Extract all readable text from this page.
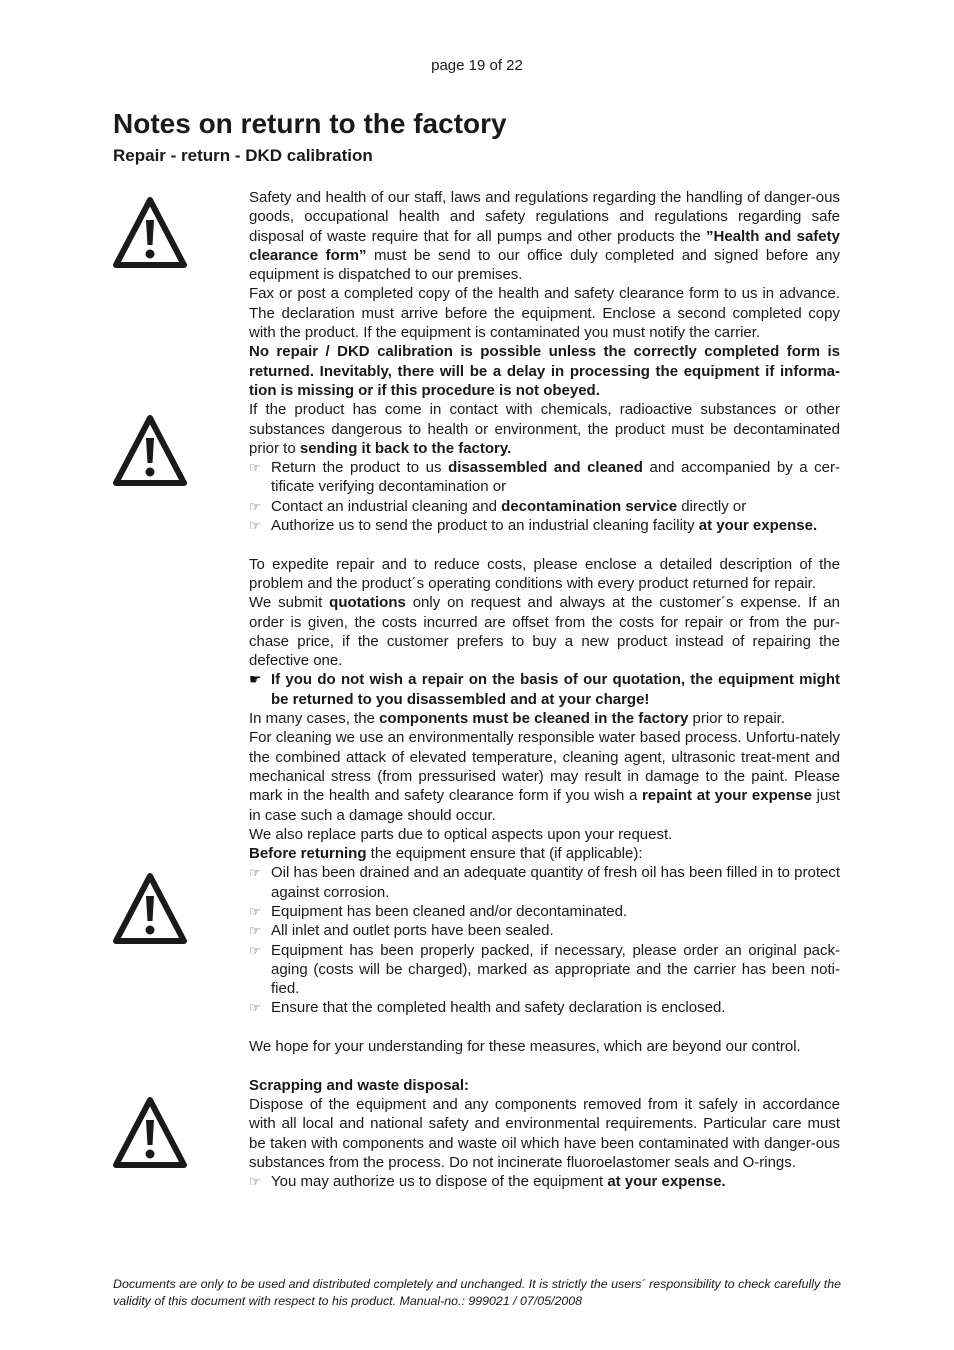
page 19 of 22
Notes on return to the factory
Repair - return - DKD calibration

Safety and health of our staff, laws and regulations regarding the handling of danger-ous goods, occupational health and safety regulations and regulations regarding safe disposal of waste require that for all pumps and other products the ”Health and safety clearance form” must be send to our office duly completed and signed before any equipment is dispatched to our premises.

Fax or post a completed copy of the health and safety clearance form to us in advance. The declaration must arrive before the equipment. Enclose a second completed copy with the product. If the equipment is contaminated you must notify the carrier.

No repair / DKD calibration is possible unless the correctly completed form is returned. Inevitably, there will be a delay in processing the equipment if informa-tion is missing or if this procedure is not obeyed.

If the product has come in contact with chemicals, radioactive substances or other substances dangerous to health or environment, the product must be decontaminated prior to sending it back to the factory.

☞ Return the product to us disassembled and cleaned and accompanied by a cer-tificate verifying decontamination or
☞ Contact an industrial cleaning and decontamination service directly or
☞ Authorize us to send the product to an industrial cleaning facility at your expense.

To expedite repair and to reduce costs, please enclose a detailed description of the problem and the product´s operating conditions with every product returned for repair.

We submit quotations only on request and always at the customer´s expense. If an order is given, the costs incurred are offset from the costs for repair or from the pur-chase price, if the customer prefers to buy a new product instead of repairing the defective one.

☛ If you do not wish a repair on the basis of our quotation, the equipment might be returned to you disassembled and at your charge!

In many cases, the components must be cleaned in the factory prior to repair.

For cleaning we use an environmentally responsible water based process. Unfortu-nately the combined attack of elevated temperature, cleaning agent, ultrasonic treat-ment and mechanical stress (from pressurised water) may result in damage to the paint. Please mark in the health and safety clearance form if you wish a repaint at your expense just in case such a damage should occur.

We also replace parts due to optical aspects upon your request.

Before returning the equipment ensure that (if applicable):

☞ Oil has been drained and an adequate quantity of fresh oil has been filled in to protect against corrosion.
☞ Equipment has been cleaned and/or decontaminated.
☞ All inlet and outlet ports have been sealed.
☞ Equipment has been properly packed, if necessary, please order an original pack-aging (costs will be charged), marked as appropriate and the carrier has been noti-fied.
☞ Ensure that the completed health and safety declaration is enclosed.

We hope for your understanding for these measures, which are beyond our control.

Scrapping and waste disposal:

Dispose of the equipment and any components removed from it safely in accordance with all local and national safety and environmental requirements. Particular care must be taken with components and waste oil which have been contaminated with danger-ous substances from the process. Do not incinerate fluoroelastomer seals and O-rings.

☞ You may authorize us to dispose of the equipment at your expense.
Documents are only to be used and distributed completely and unchanged. It is strictly the users´ responsibility to check carefully the validity of this document with respect to his product. Manual-no.: 999021 / 07/05/2008
